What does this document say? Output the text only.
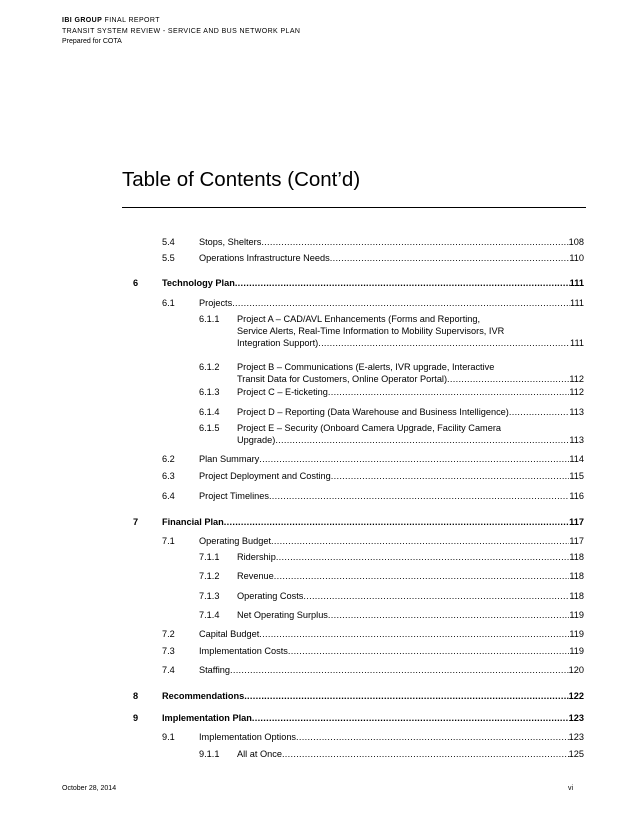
IBI GROUP FINAL REPORT
TRANSIT SYSTEM REVIEW - SERVICE AND BUS NETWORK PLAN
Prepared for COTA
Table of Contents (Cont’d)
5.4	Stops, Shelters .....	108
5.5	Operations Infrastructure Needs .....	110
6	Technology Plan .....	111
6.1	Projects .....	111
6.1.1 Project A – CAD/AVL Enhancements (Forms and Reporting,
Service Alerts, Real-Time Information to Mobility Supervisors, IVR
Integration Support) .....	111
6.1.2 Project B – Communications (E-alerts, IVR upgrade, Interactive
Transit Data for Customers, Online Operator Portal) .....	112
6.1.3 Project C – E-ticketing .....	112
6.1.4 Project D – Reporting (Data Warehouse and Business Intelligence) .....	113
6.1.5 Project E – Security (Onboard Camera Upgrade, Facility Camera
Upgrade) .....	113
6.2	Plan Summary .....	114
6.3	Project Deployment and Costing .....	115
6.4	Project Timelines .....	116
7	Financial Plan .....	117
7.1	Operating Budget .....	117
7.1.1 Ridership .....	118
7.1.2 Revenue .....	118
7.1.3 Operating Costs .....	118
7.1.4 Net Operating Surplus .....	119
7.2	Capital Budget .....	119
7.3	Implementation Costs .....	119
7.4	Staffing .....	120
8	Recommendations .....	122
9	Implementation Plan .....	123
9.1	Implementation Options .....	123
9.1.1 All at Once .....	125
October 28, 2014	vi
